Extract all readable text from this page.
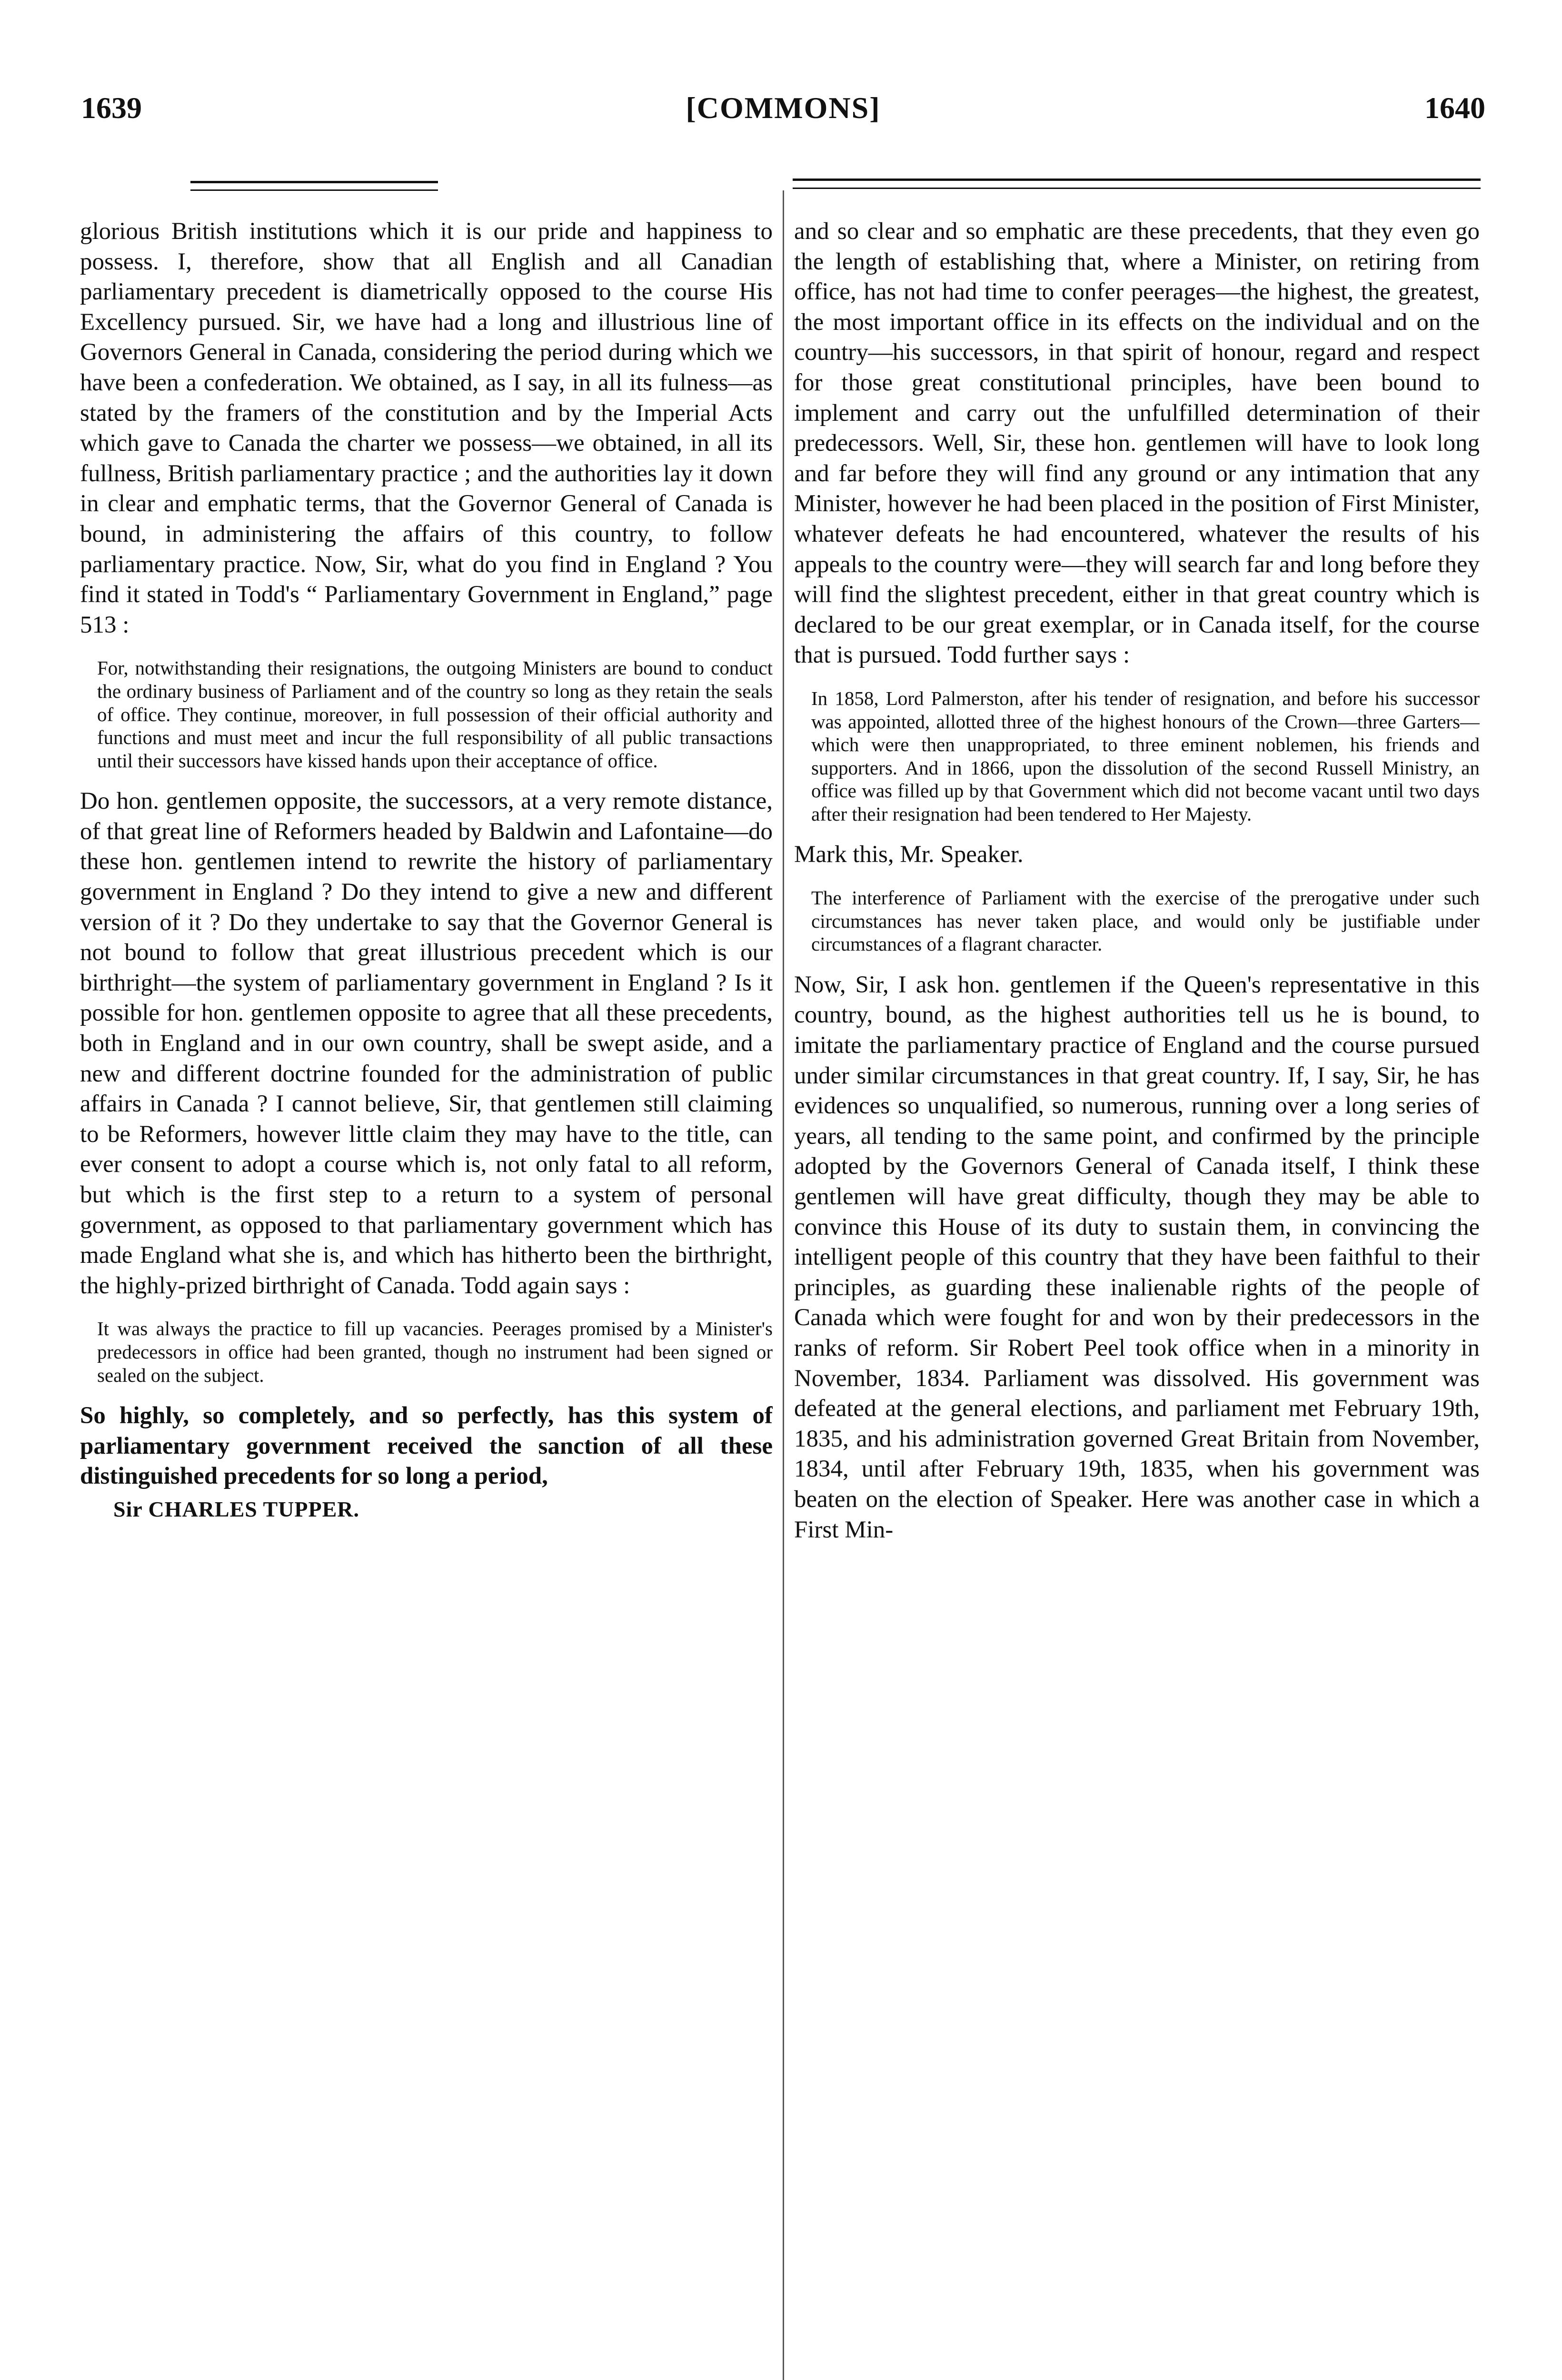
1639	[COMMONS]	1640

glorious British institutions which it is our pride and happiness to possess. I, therefore, show that all English and all Canadian parliamentary precedent is diametrically opposed to the course His Excellency pursued. Sir, we have had a long and illustrious line of Governors General in Canada, considering the period during which we have been a confederation. We obtained, as I say, in all its fulness—as stated by the framers of the constitution and by the Imperial Acts which gave to Canada the charter we possess—we obtained, in all its fullness, British parliamentary practice ; and the authorities lay it down in clear and emphatic terms, that the Governor General of Canada is bound, in administering the affairs of this country, to follow parliamentary practice. Now, Sir, what do you find in England ? You find it stated in Todd's “ Parliamentary Government in England,” page 513 :

For, notwithstanding their resignations, the outgoing Ministers are bound to conduct the ordinary business of Parliament and of the country so long as they retain the seals of office. They continue, moreover, in full possession of their official authority and functions and must meet and incur the full responsibility of all public transactions until their successors have kissed hands upon their acceptance of office.

Do hon. gentlemen opposite, the successors, at a very remote distance, of that great line of Reformers headed by Baldwin and Lafontaine—do these hon. gentlemen intend to rewrite the history of parliamentary government in England ? Do they intend to give a new and different version of it ? Do they undertake to say that the Governor General is not bound to follow that great illustrious precedent which is our birthright—the system of parliamentary government in England ? Is it possible for hon. gentlemen opposite to agree that all these precedents, both in England and in our own country, shall be swept aside, and a new and different doctrine founded for the administration of public affairs in Canada ? I cannot believe, Sir, that gentlemen still claiming to be Reformers, however little claim they may have to the title, can ever consent to adopt a course which is, not only fatal to all reform, but which is the first step to a return to a system of personal government, as opposed to that parliamentary government which has made England what she is, and which has hitherto been the birthright, the highly-prized birthright of Canada. Todd again says :

It was always the practice to fill up vacancies. Peerages promised by a Minister's predecessors in office had been granted, though no instrument had been signed or sealed on the subject.

So highly, so completely, and so perfectly, has this system of parliamentary government received the sanction of all these distinguished precedents for so long a period,

Sir CHARLES TUPPER.

and so clear and so emphatic are these precedents, that they even go the length of establishing that, where a Minister, on retiring from office, has not had time to confer peerages—the highest, the greatest, the most important office in its effects on the individual and on the country—his successors, in that spirit of honour, regard and respect for those great constitutional principles, have been bound to implement and carry out the unfulfilled determination of their predecessors. Well, Sir, these hon. gentlemen will have to look long and far before they will find any ground or any intimation that any Minister, however he had been placed in the position of First Minister, whatever defeats he had encountered, whatever the results of his appeals to the country were—they will search far and long before they will find the slightest precedent, either in that great country which is declared to be our great exemplar, or in Canada itself, for the course that is pursued. Todd further says :

In 1858, Lord Palmerston, after his tender of resignation, and before his successor was appointed, allotted three of the highest honours of the Crown—three Garters—which were then unappropriated, to three eminent noblemen, his friends and supporters. And in 1866, upon the dissolution of the second Russell Ministry, an office was filled up by that Government which did not become vacant until two days after their resignation had been tendered to Her Majesty.

Mark this, Mr. Speaker.

The interference of Parliament with the exercise of the prerogative under such circumstances has never taken place, and would only be justifiable under circumstances of a flagrant character.

Now, Sir, I ask hon. gentlemen if the Queen's representative in this country, bound, as the highest authorities tell us he is bound, to imitate the parliamentary practice of England and the course pursued under similar circumstances in that great country. If, I say, Sir, he has evidences so unqualified, so numerous, running over a long series of years, all tending to the same point, and confirmed by the principle adopted by the Governors General of Canada itself, I think these gentlemen will have great difficulty, though they may be able to convince this House of its duty to sustain them, in convincing the intelligent people of this country that they have been faithful to their principles, as guarding these inalienable rights of the people of Canada which were fought for and won by their predecessors in the ranks of reform. Sir Robert Peel took office when in a minority in November, 1834. Parliament was dissolved. His government was defeated at the general elections, and parliament met February 19th, 1835, and his administration governed Great Britain from November, 1834, until after February 19th, 1835, when his government was beaten on the election of Speaker. Here was another case in which a First Min-
